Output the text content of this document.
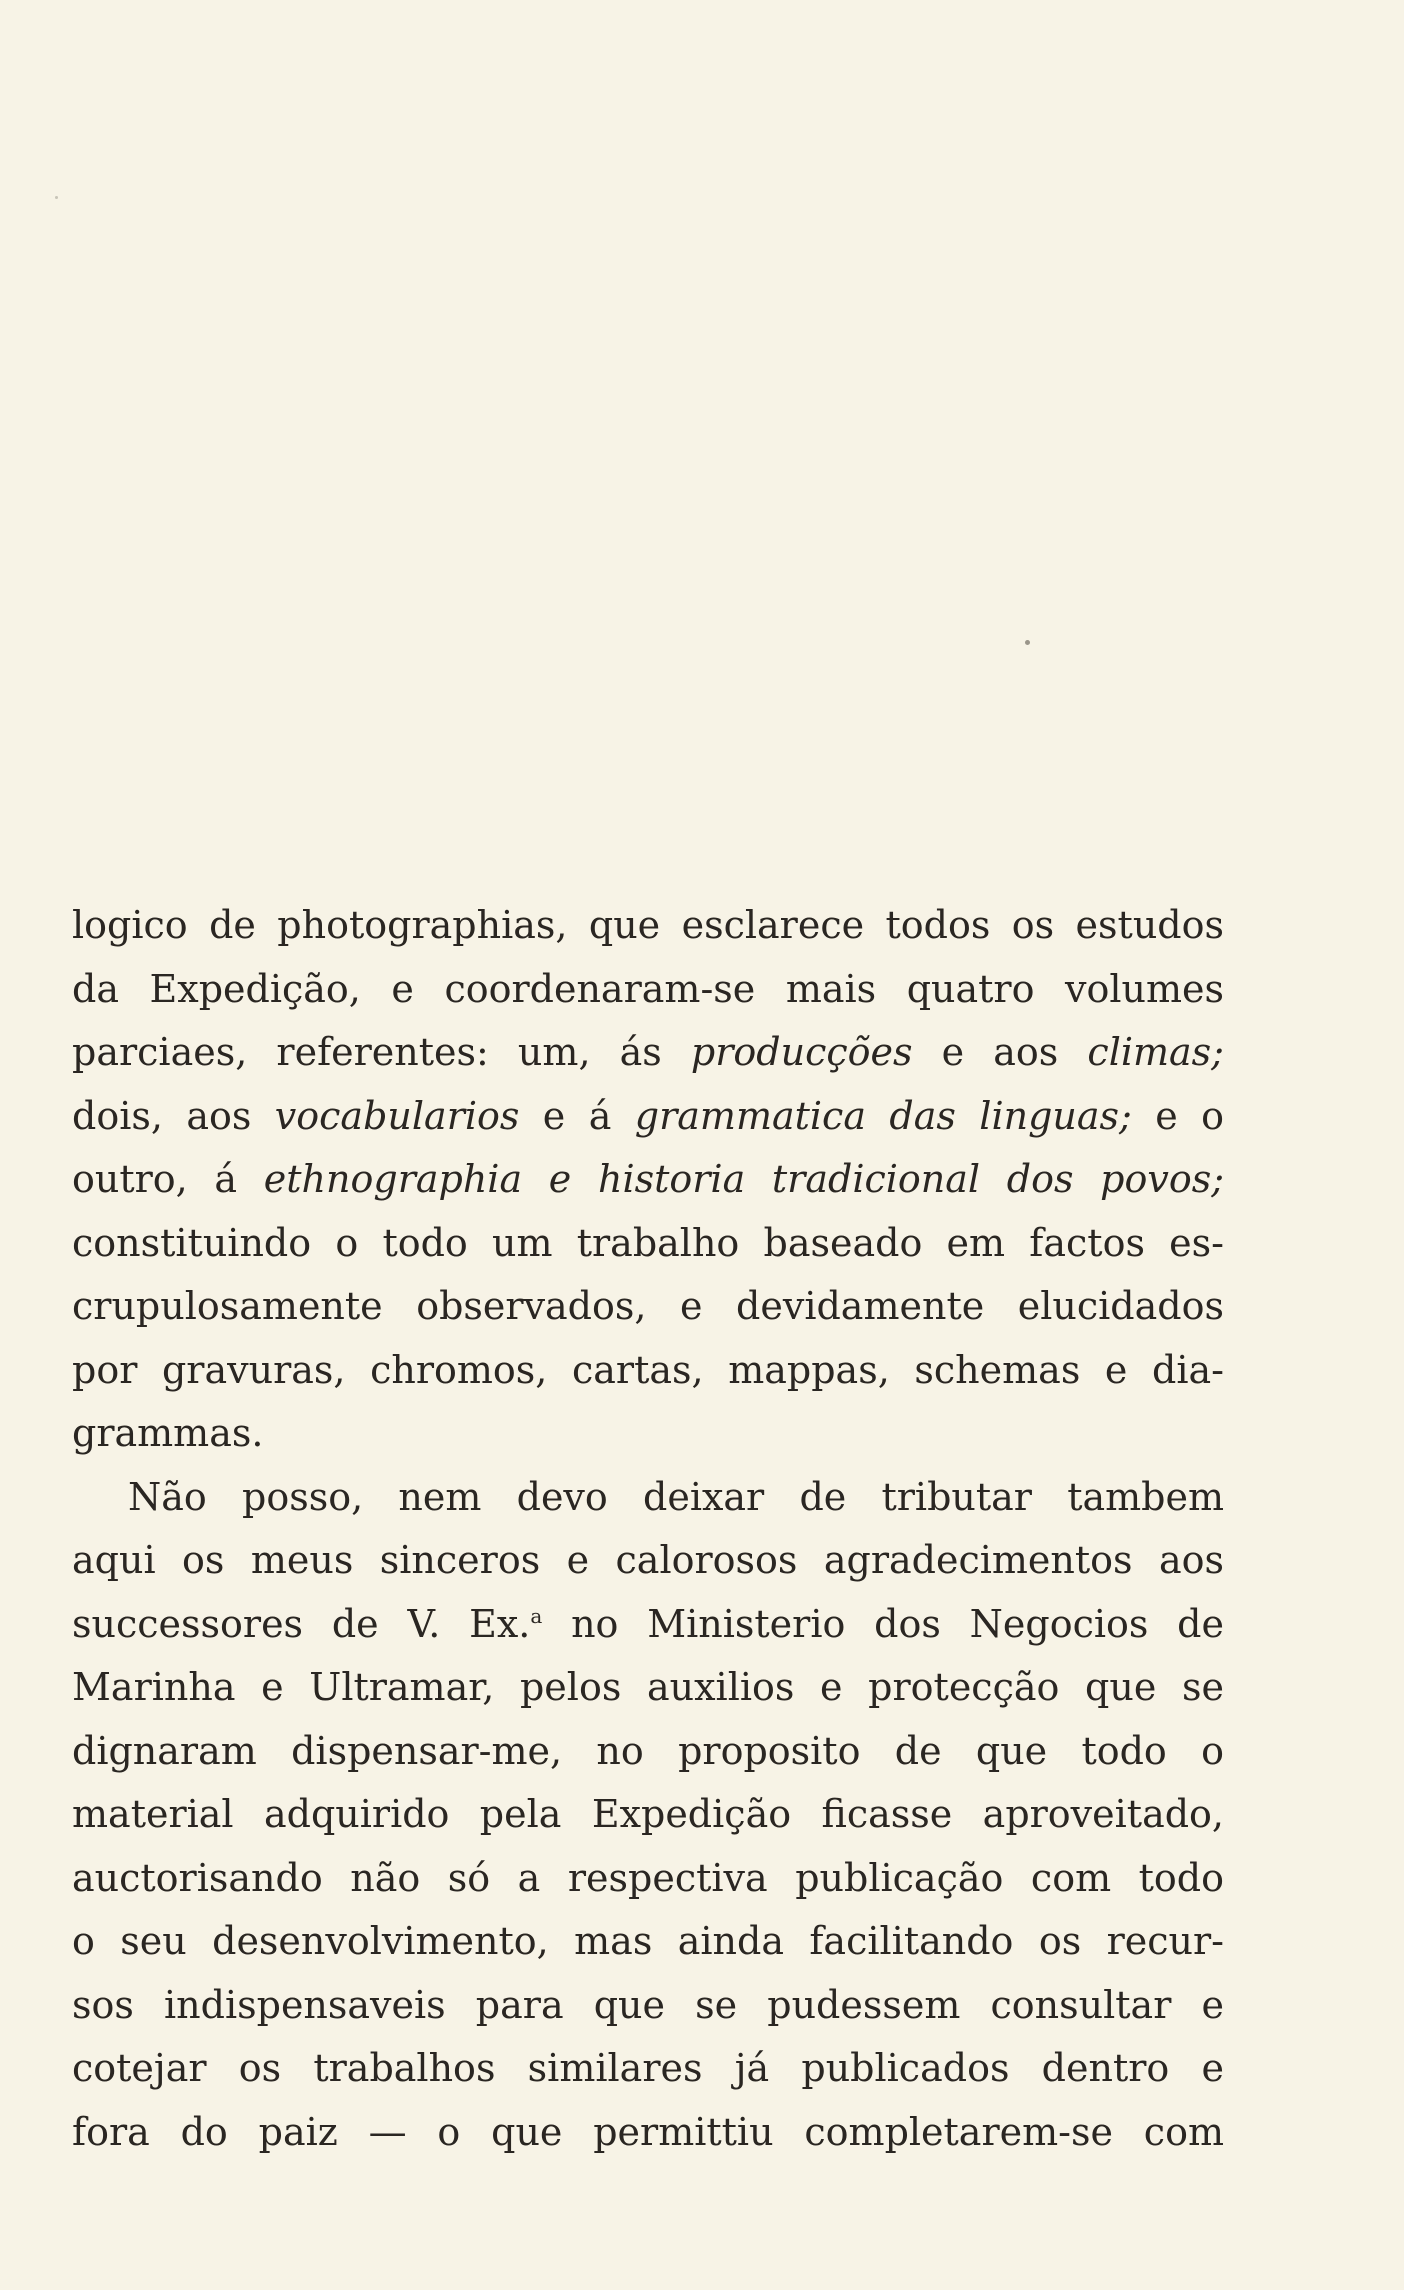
logico de photographias, que esclarece todos os estudos
da Expedição, e coordenaram-se mais quatro volumes
parciaes, referentes: um, ás producções e aos climas;
dois, aos vocabularios e á grammatica das linguas; e o
outro, á ethnographia e historia tradicional dos povos;
constituindo o todo um trabalho baseado em factos es-
crupulosamente observados, e devidamente elucidados
por gravuras, chromos, cartas, mappas, schemas e dia-
grammas.
Não posso, nem devo deixar de tributar tambem
aqui os meus sinceros e calorosos agradecimentos aos
successores de V. Ex.$^a$ no Ministerio dos Negocios de
Marinha e Ultramar, pelos auxilios e protecção que se
dignaram dispensar-me, no proposito de que todo o
material adquirido pela Expedição ficasse aproveitado,
auctorisando não só a respectiva publicação com todo
o seu desenvolvimento, mas ainda facilitando os recur-
sos indispensaveis para que se pudessem consultar e
cotejar os trabalhos similares já publicados dentro e
fora do paiz — o que permittiu completarem-se com
